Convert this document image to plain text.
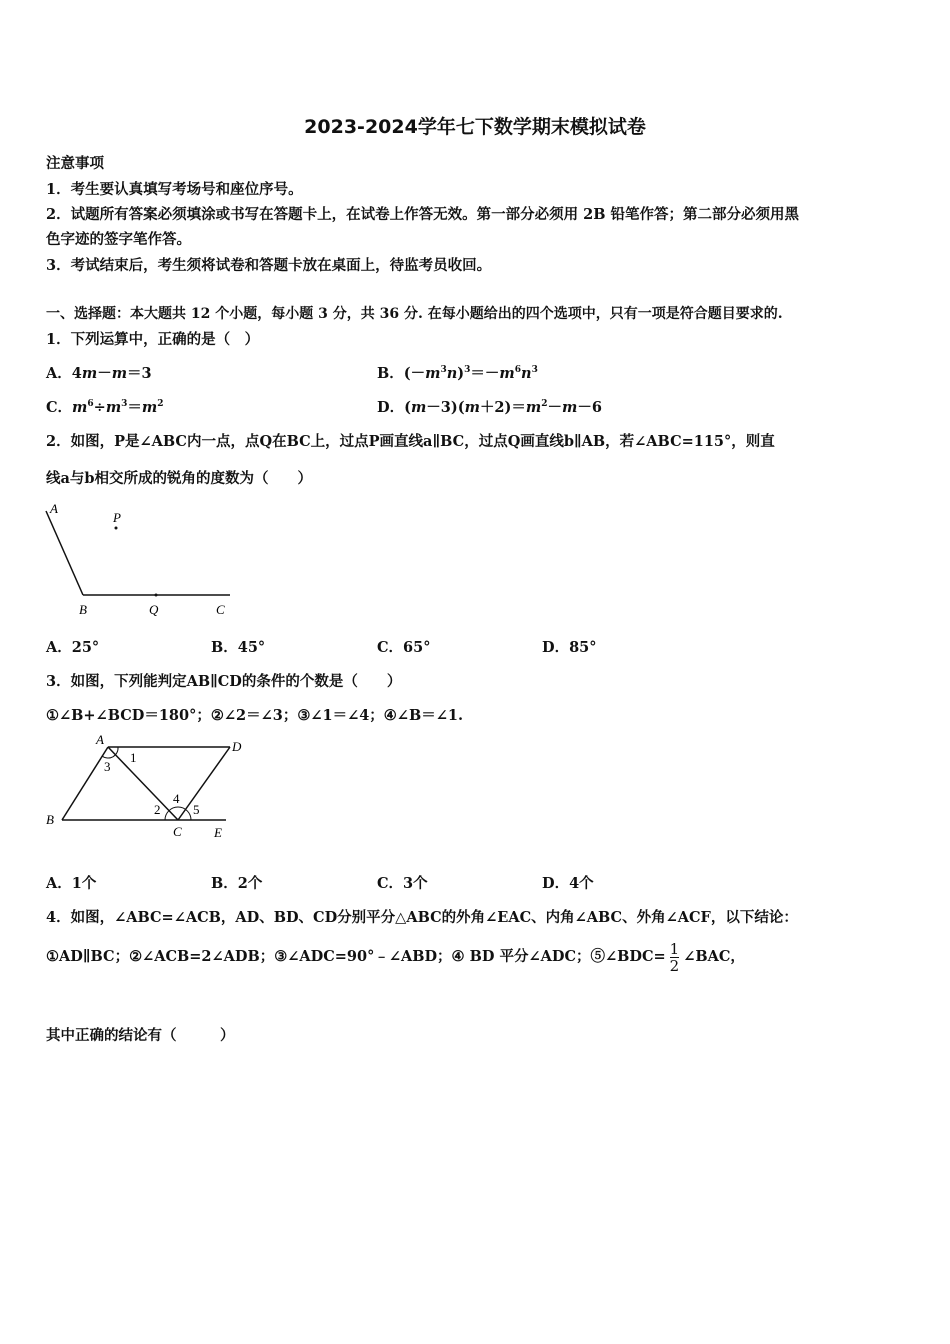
2023-2024学年七下数学期末模拟试卷
注意事项
1．考生要认真填写考场号和座位序号。
2．试题所有答案必须填涂或书写在答题卡上，在试卷上作答无效。第一部分必须用 2B 铅笔作答；第二部分必须用黑
色字迹的签字笔作答。
3．考试结束后，考生须将试卷和答题卡放在桌面上，待监考员收回。
一、选择题：本大题共 12 个小题，每小题 3 分，共 36 分. 在每小题给出的四个选项中，只有一项是符合题目要求的.
1．下列运算中，正确的是（　）
A．4m－m＝3	B．$(-m^3n)^3=-m^6n^3$
C．$m^6\div m^3=m^2$	D．$(m-3)(m+2)=m^2-m-6$
2．如图，P是∠ABC内一点，点Q在BC上，过点P画直线a∥BC，过点Q画直线b∥AB，若∠ABC=115°，则直
线a与b相交所成的锐角的度数为（　　）
A
P
B	Q	C
A．25°	B．45°	C．65°	D．85°
3．如图，下列能判定AB∥CD的条件的个数是（　　）
①∠B+∠BCD＝180°；②∠2＝∠3；③∠1＝∠4；④∠B＝∠1.
A	D
B
C E
1
3
2
4
5
A．1个	B．2个	C．3个	D．4个
4．如图，∠ABC=∠ACB，AD、BD、CD分别平分△ABC的外角∠EAC、内角∠ABC、外角∠ACF，以下结论：
①AD∥BC；②∠ACB=2∠ADB；③∠ADC=90°﹣∠ABD；④ BD 平分∠ADC；⑤∠BDC= $\frac{1}{2}$ ∠BAC，
其中正确的结论有（　　　）
